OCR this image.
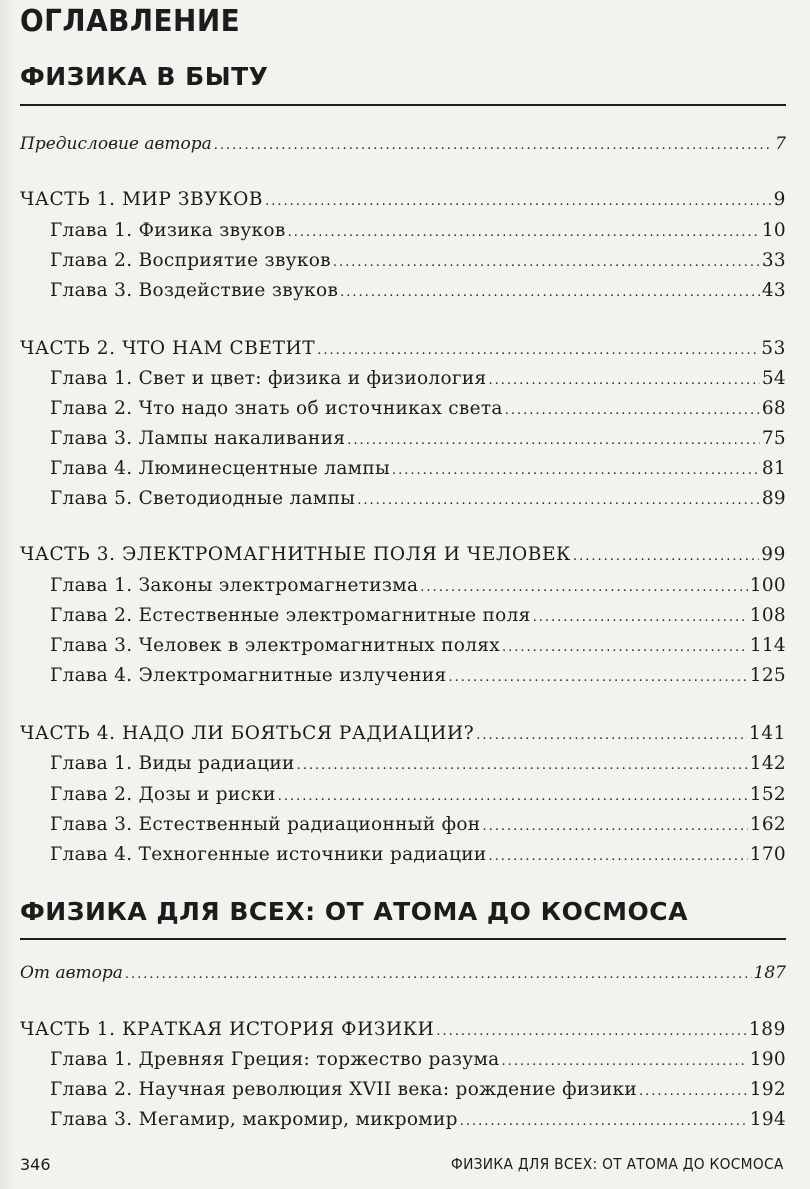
ОГЛАВЛЕНИЕ
ФИЗИКА В БЫТУ
Предисловие автора .....	7
ЧАСТЬ 1. МИР ЗВУКОВ .....	9
Глава 1. Физика звуков .....	10
Глава 2. Восприятие звуков .....	33
Глава 3. Воздействие звуков .....	43
ЧАСТЬ 2. ЧТО НАМ СВЕТИТ .....	53
Глава 1. Свет и цвет: физика и физиология .....	54
Глава 2. Что надо знать об источниках света .....	68
Глава 3. Лампы накаливания .....	75
Глава 4. Люминесцентные лампы .....	81
Глава 5. Светодиодные лампы .....	89
ЧАСТЬ 3. ЭЛЕКТРОМАГНИТНЫЕ ПОЛЯ И ЧЕЛОВЕК .....	99
Глава 1. Законы электромагнетизма .....	100
Глава 2. Естественные электромагнитные поля .....	108
Глава 3. Человек в электромагнитных полях .....	114
Глава 4. Электромагнитные излучения .....	125
ЧАСТЬ 4. НАДО ЛИ БОЯТЬСЯ РАДИАЦИИ? .....	141
Глава 1. Виды радиации .....	142
Глава 2. Дозы и риски .....	152
Глава 3. Естественный радиационный фон .....	162
Глава 4. Техногенные источники радиации .....	170
ФИЗИКА ДЛЯ ВСЕХ: ОТ АТОМА ДО КОСМОСА
От автора .....	187
ЧАСТЬ 1. КРАТКАЯ ИСТОРИЯ ФИЗИКИ .....	189
Глава 1. Древняя Греция: торжество разума .....	190
Глава 2. Научная революция XVII века: рождение физики .....	192
Глава 3. Мегамир, макромир, микромир .....	194
346	ФИЗИКА ДЛЯ ВСЕХ: ОТ АТОМА ДО КОСМОСА
